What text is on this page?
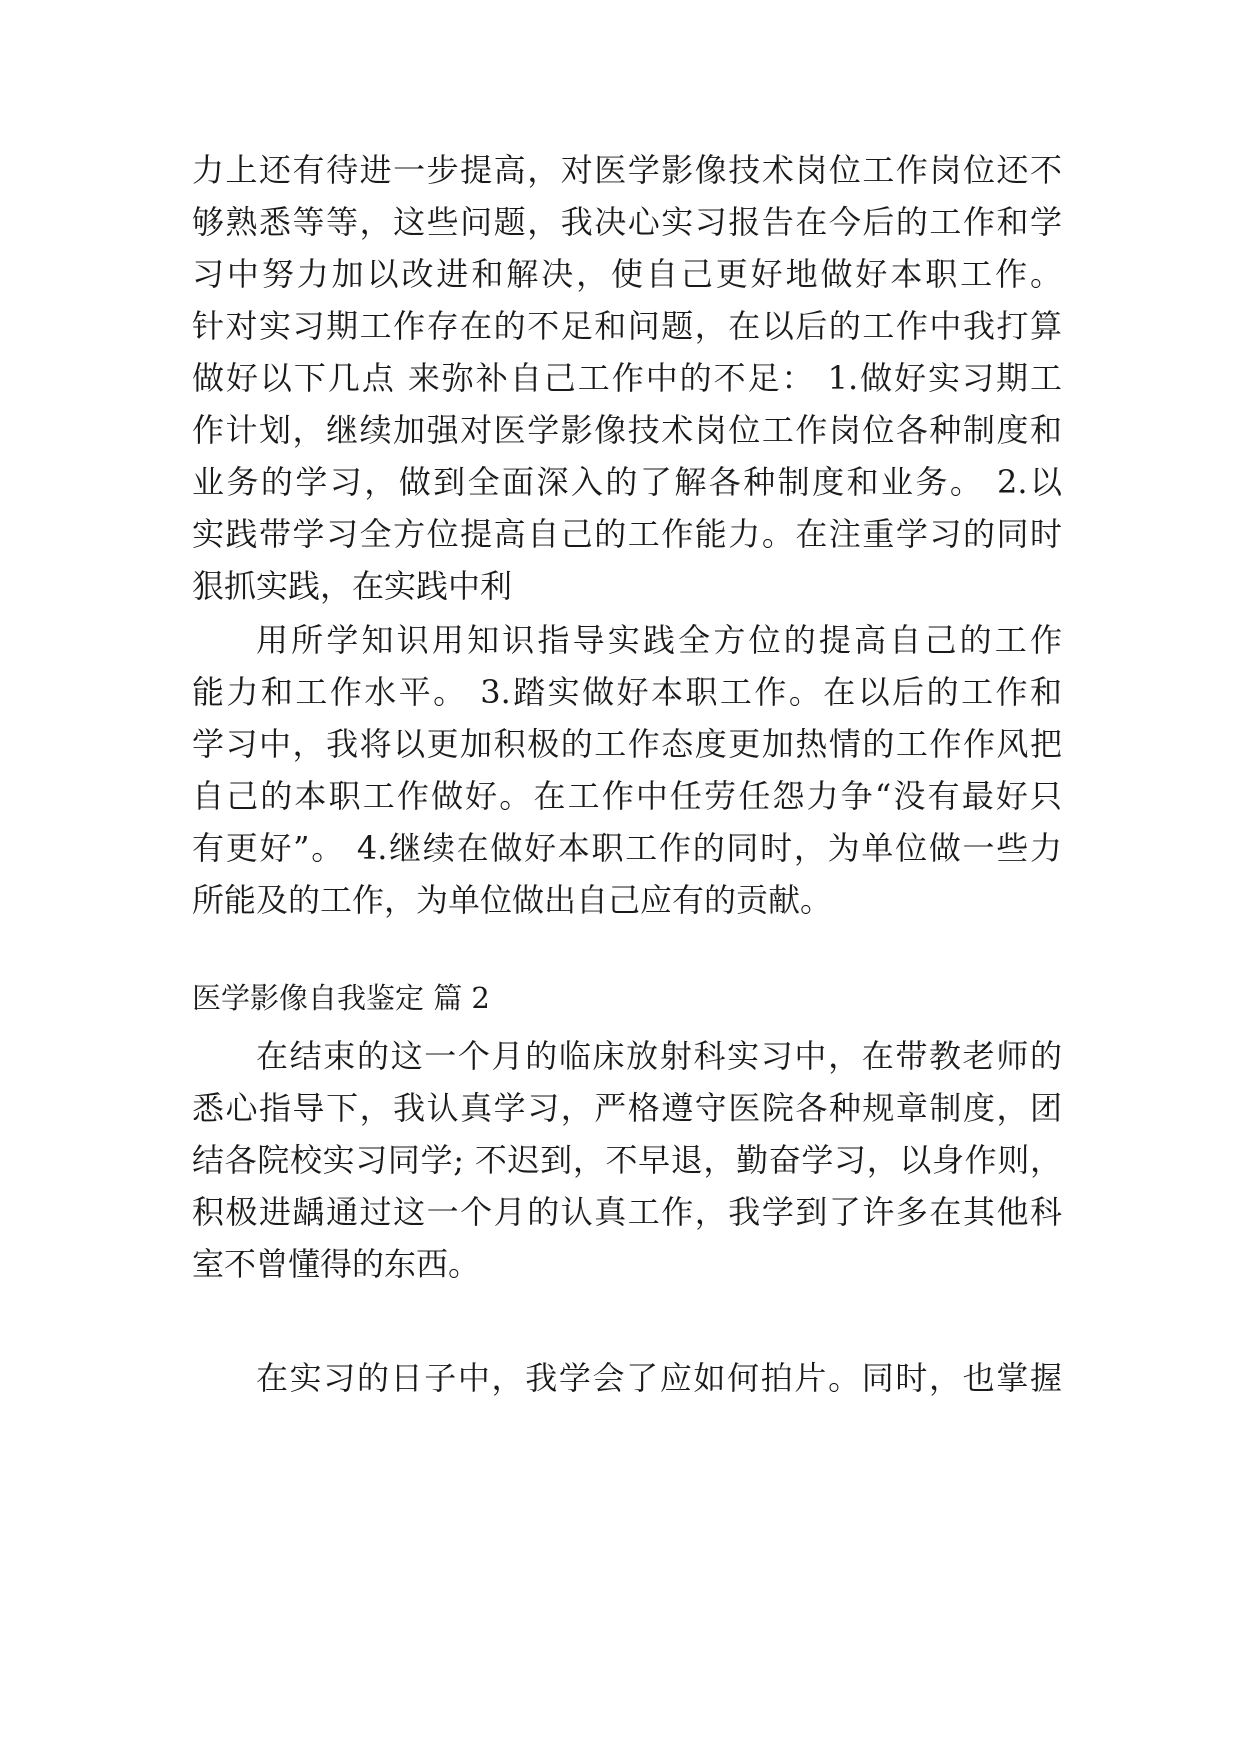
力上还有待进一步提高，对医学影像技术岗位工作岗位还不
够熟悉等等，这些问题，我决心实习报告在今后的工作和学
习中努力加以改进和解决，使自己更好地做好本职工作。
针对实习期工作存在的不足和问题，在以后的工作中我打算
做好以下几点 来弥补自己工作中的不足： 1.做好实习期工
作计划，继续加强对医学影像技术岗位工作岗位各种制度和
业务的学习，做到全面深入的了解各种制度和业务。 2.以
实践带学习全方位提高自己的工作能力。在注重学习的同时
狠抓实践，在实践中利
用所学知识用知识指导实践全方位的提高自己的工作
能力和工作水平。 3.踏实做好本职工作。在以后的工作和
学习中，我将以更加积极的工作态度更加热情的工作作风把
自己的本职工作做好。在工作中任劳任怨力争“没有最好只
有更好”。 4.继续在做好本职工作的同时，为单位做一些力
所能及的工作，为单位做出自己应有的贡献。
医学影像自我鉴定 篇 2
在结束的这一个月的临床放射科实习中，在带教老师的
悉心指导下，我认真学习，严格遵守医院各种规章制度，团
结各院校实习同学; 不迟到，不早退，勤奋学习，以身作则，
积极进龋通过这一个月的认真工作，我学到了许多在其他科
室不曾懂得的东西。
在实习的日子中，我学会了应如何拍片。同时，也掌握
